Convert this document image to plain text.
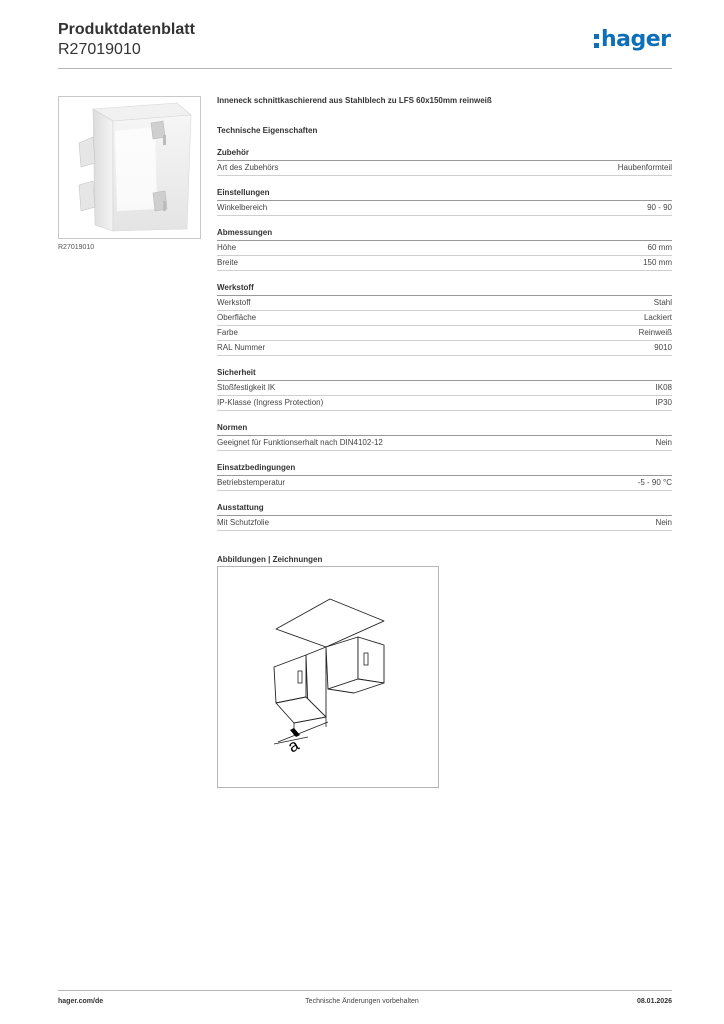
Produktdatenblatt
R27019010	hager
R27019010
Inneneck schnittkaschierend aus Stahlblech zu LFS 60x150mm reinweiß
Technische Eigenschaften
Zubehör
Art des Zubehörs	Haubenformteil
Einstellungen
Winkelbereich	90 - 90
Abmessungen
Höhe	60 mm
Breite	150 mm
Werkstoff
Werkstoff	Stahl
Oberfläche	Lackiert
Farbe	Reinweiß
RAL Nummer	9010
Sicherheit
Stoßfestigkeit IK	IK08
IP-Klasse (Ingress Protection)	IP30
Normen
Geeignet für Funktionserhalt nach DIN4102-12	Nein
Einsatzbedingungen
Betriebstemperatur	-5 - 90 °C
Ausstattung
Mit Schutzfolie	Nein
Abbildungen | Zeichnungen
a
hager.com/de	Technische Änderungen vorbehalten	08.01.2026
